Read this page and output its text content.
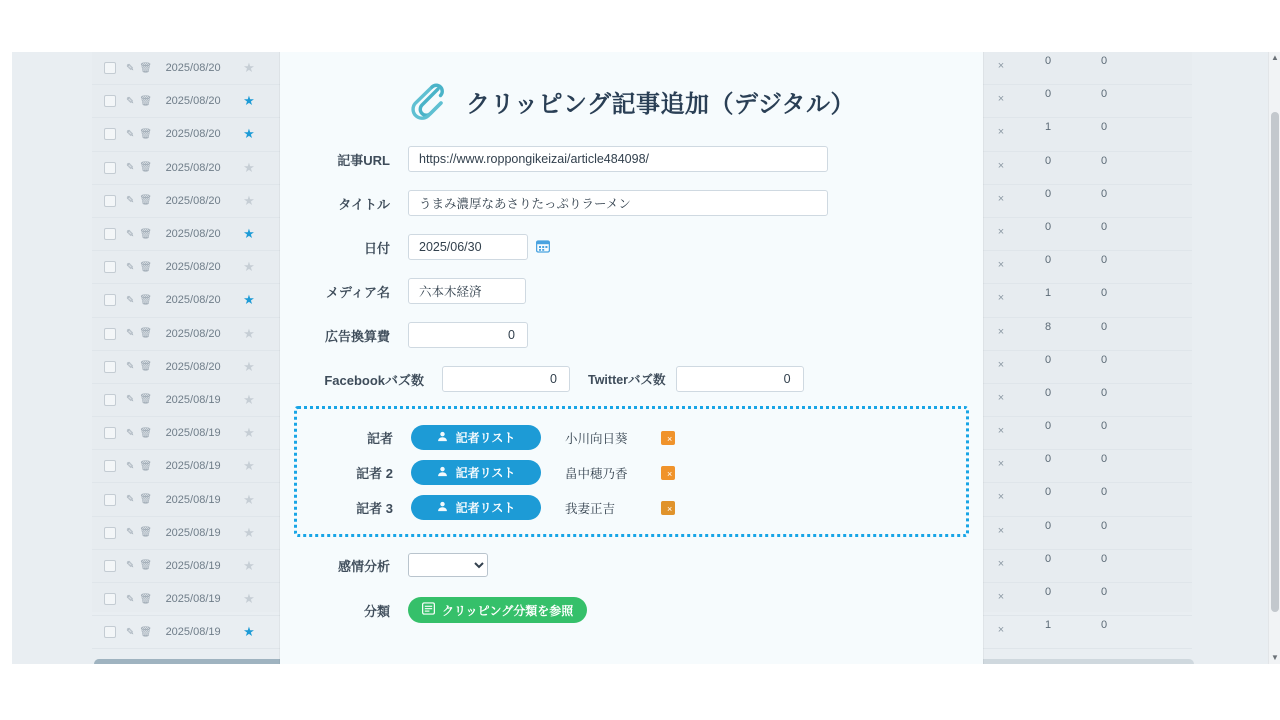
✎ 🗑	2025/08/20	★
✎ 🗑	2025/08/20	★
✎ 🗑	2025/08/20	★
✎ 🗑	2025/08/20	★
✎ 🗑	2025/08/20	★
✎ 🗑	2025/08/20	★
✎ 🗑	2025/08/20	★
✎ 🗑	2025/08/20	★
✎ 🗑	2025/08/20	★
✎ 🗑	2025/08/20	★
✎ 🗑	2025/08/19	★
✎ 🗑	2025/08/19	★
✎ 🗑	2025/08/19	★
✎ 🗑	2025/08/19	★
✎ 🗑	2025/08/19	★
✎ 🗑	2025/08/19	★
✎ 🗑	2025/08/19	★
✎ 🗑	2025/08/19	★
×	0	0
×	0	0
×	1	0
×	0	0
×	0	0
×	0	0
×	0	0
×	1	0
×	8	0
×	0	0
×	0	0
×	0	0
×	0	0
×	0	0
×	0	0
×	0	0
×	0	0
×	1	0
▲
▼
クリッピング記事追加（デジタル）
記事URL
https://www.roppongikeizai/article484098/
タイトル
うまみ濃厚なあさりたっぷりラーメン
日付
2025/06/30
メディア名
六本木経済
広告換算費
0
Facebookバズ数
0	Twitterバズ数
0
記者	記者リスト	小川向日葵	×
記者 2	記者リスト	畠中穂乃香	×
記者 3	記者リスト	我妻正吉	×
感情分析
分類	クリッピング分類を参照
